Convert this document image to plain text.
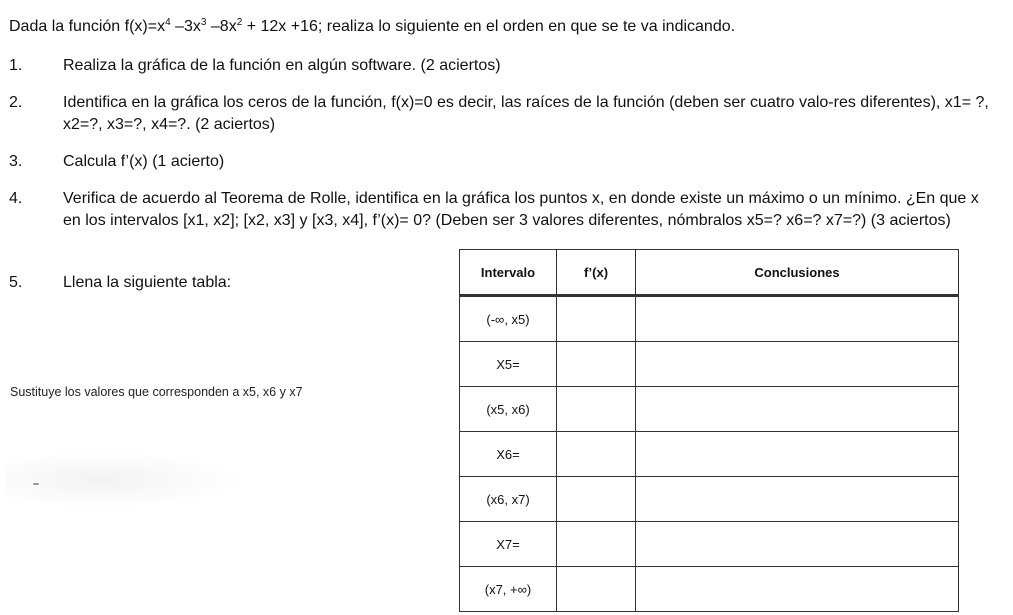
Dada la función $f(x)=x^4$ $-3x^3$ $-8x^2 + 12x +16$; realiza lo siguiente en el orden en que se te va indicando.
1.	Realiza la gráfica de la función en algún software. (2 aciertos)
2.	Identifica en la gráfica los ceros de la función, f(x)=0 es decir, las raíces de la función (deben ser cuatro valo-res diferentes), x1= ?, x2=?, x3=?, x4=?. (2 aciertos)
3.	Calcula f’(x) (1 acierto)
4.	Verifica de acuerdo al Teorema de Rolle, identifica en la gráfica los puntos x, en donde existe un máximo o un mínimo. ¿En que x en los intervalos [x1, x2]; [x2, x3] y [x3, x4], f’(x)= 0? (Deben ser 3 valores diferentes, nómbralos x5=? x6=? x7=?) (3 aciertos)
5.	Llena la siguiente tabla:
Sustituye los valores que corresponden a x5, x6 y x7
Intervalo	f’(x)	Conclusiones
(-∞, x5)		
X5=		
(x5, x6)		
X6=		
(x6, x7)		
X7=		
(x7, +∞)		
